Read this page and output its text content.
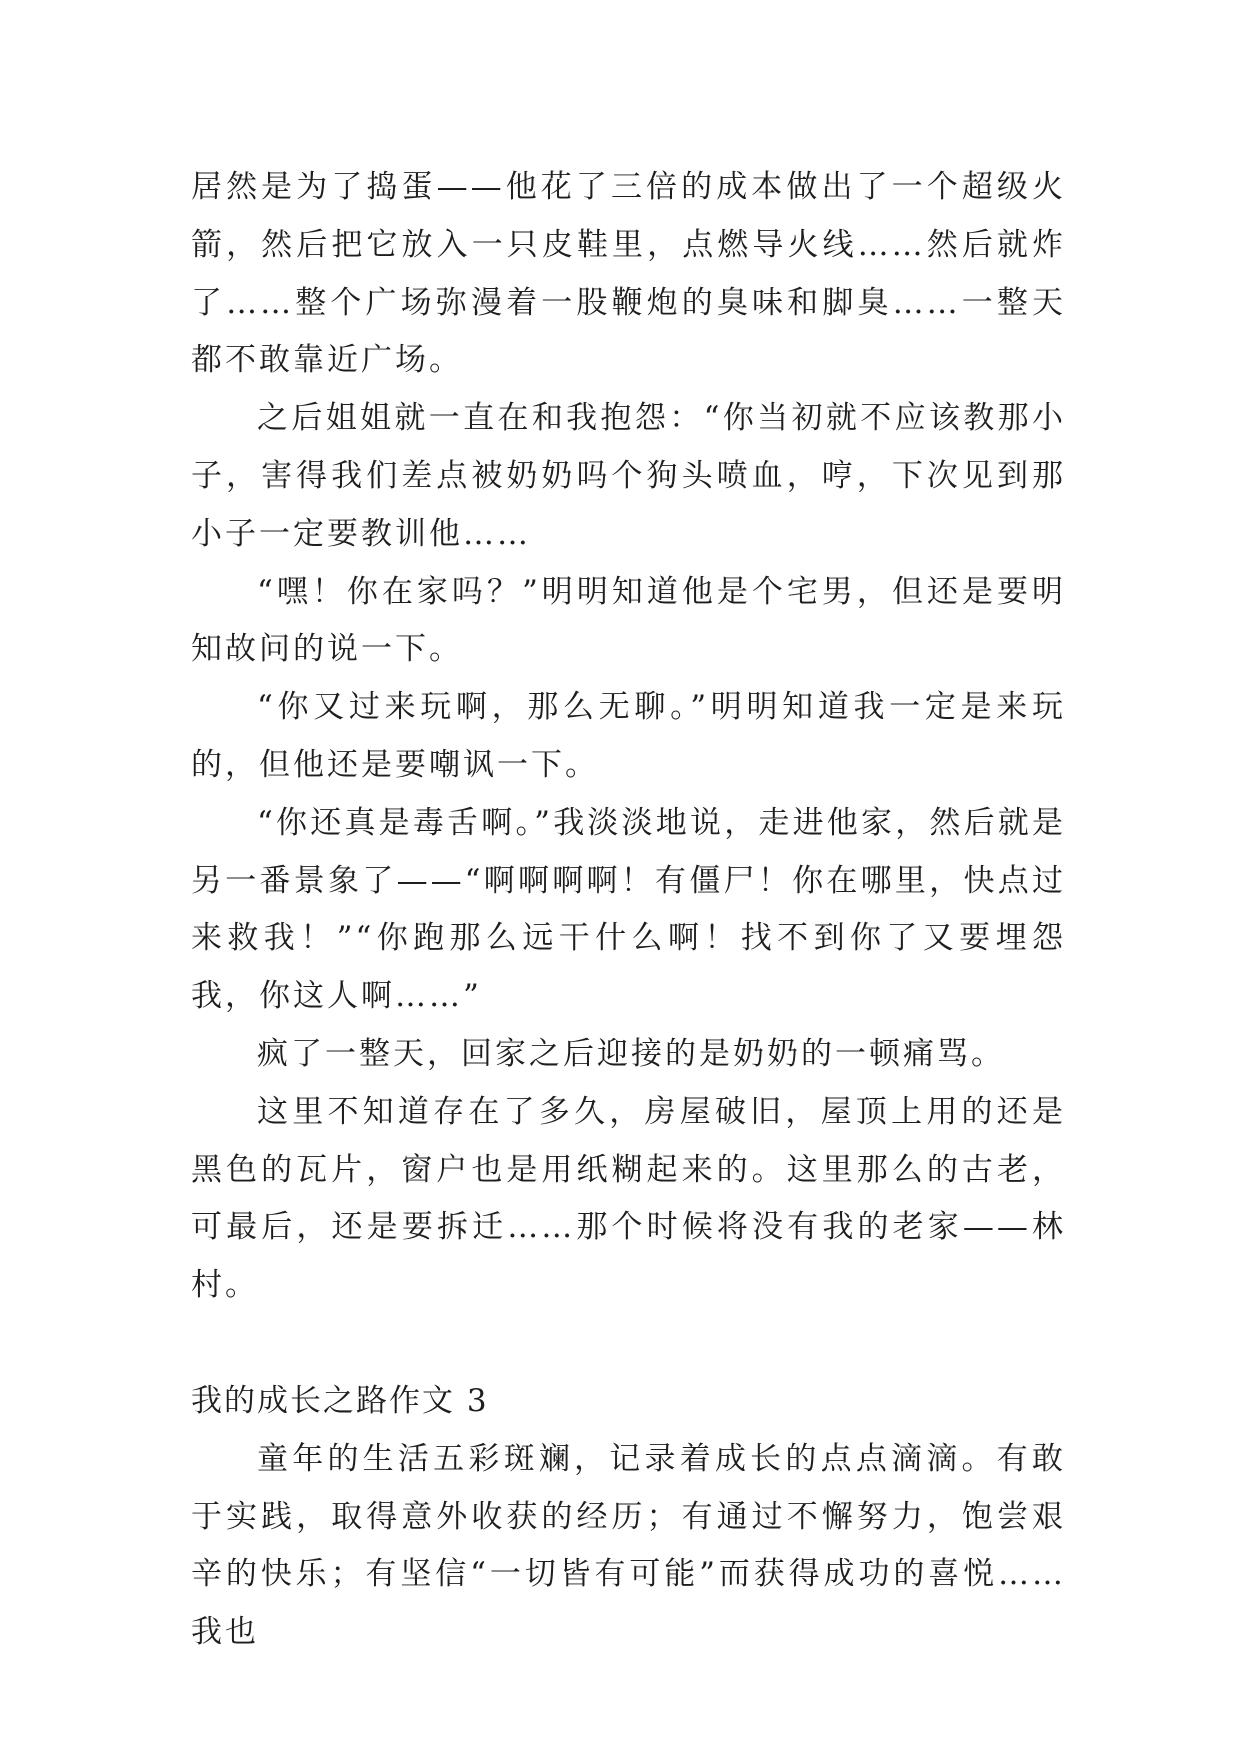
居然是为了捣蛋——他花了三倍的成本做出了一个超级火箭，然后把它放入一只皮鞋里，点燃导火线……然后就炸了……整个广场弥漫着一股鞭炮的臭味和脚臭……一整天都不敢靠近广场。

之后姐姐就一直在和我抱怨：“你当初就不应该教那小子，害得我们差点被奶奶吗个狗头喷血，哼，下次见到那小子一定要教训他……

“嘿！你在家吗？”明明知道他是个宅男，但还是要明知故问的说一下。

“你又过来玩啊，那么无聊。”明明知道我一定是来玩的，但他还是要嘲讽一下。

“你还真是毒舌啊。”我淡淡地说，走进他家，然后就是另一番景象了——“啊啊啊啊！有僵尸！你在哪里，快点过来救我！”“你跑那么远干什么啊！找不到你了又要埋怨我，你这人啊……”

疯了一整天，回家之后迎接的是奶奶的一顿痛骂。

这里不知道存在了多久，房屋破旧，屋顶上用的还是黑色的瓦片，窗户也是用纸糊起来的。这里那么的古老，可最后，还是要拆迁……那个时候将没有我的老家——林村。

我的成长之路作文 3

童年的生活五彩斑斓，记录着成长的点点滴滴。有敢于实践，取得意外收获的经历；有通过不懈努力，饱尝艰辛的快乐；有坚信“一切皆有可能”而获得成功的喜悦……我也
